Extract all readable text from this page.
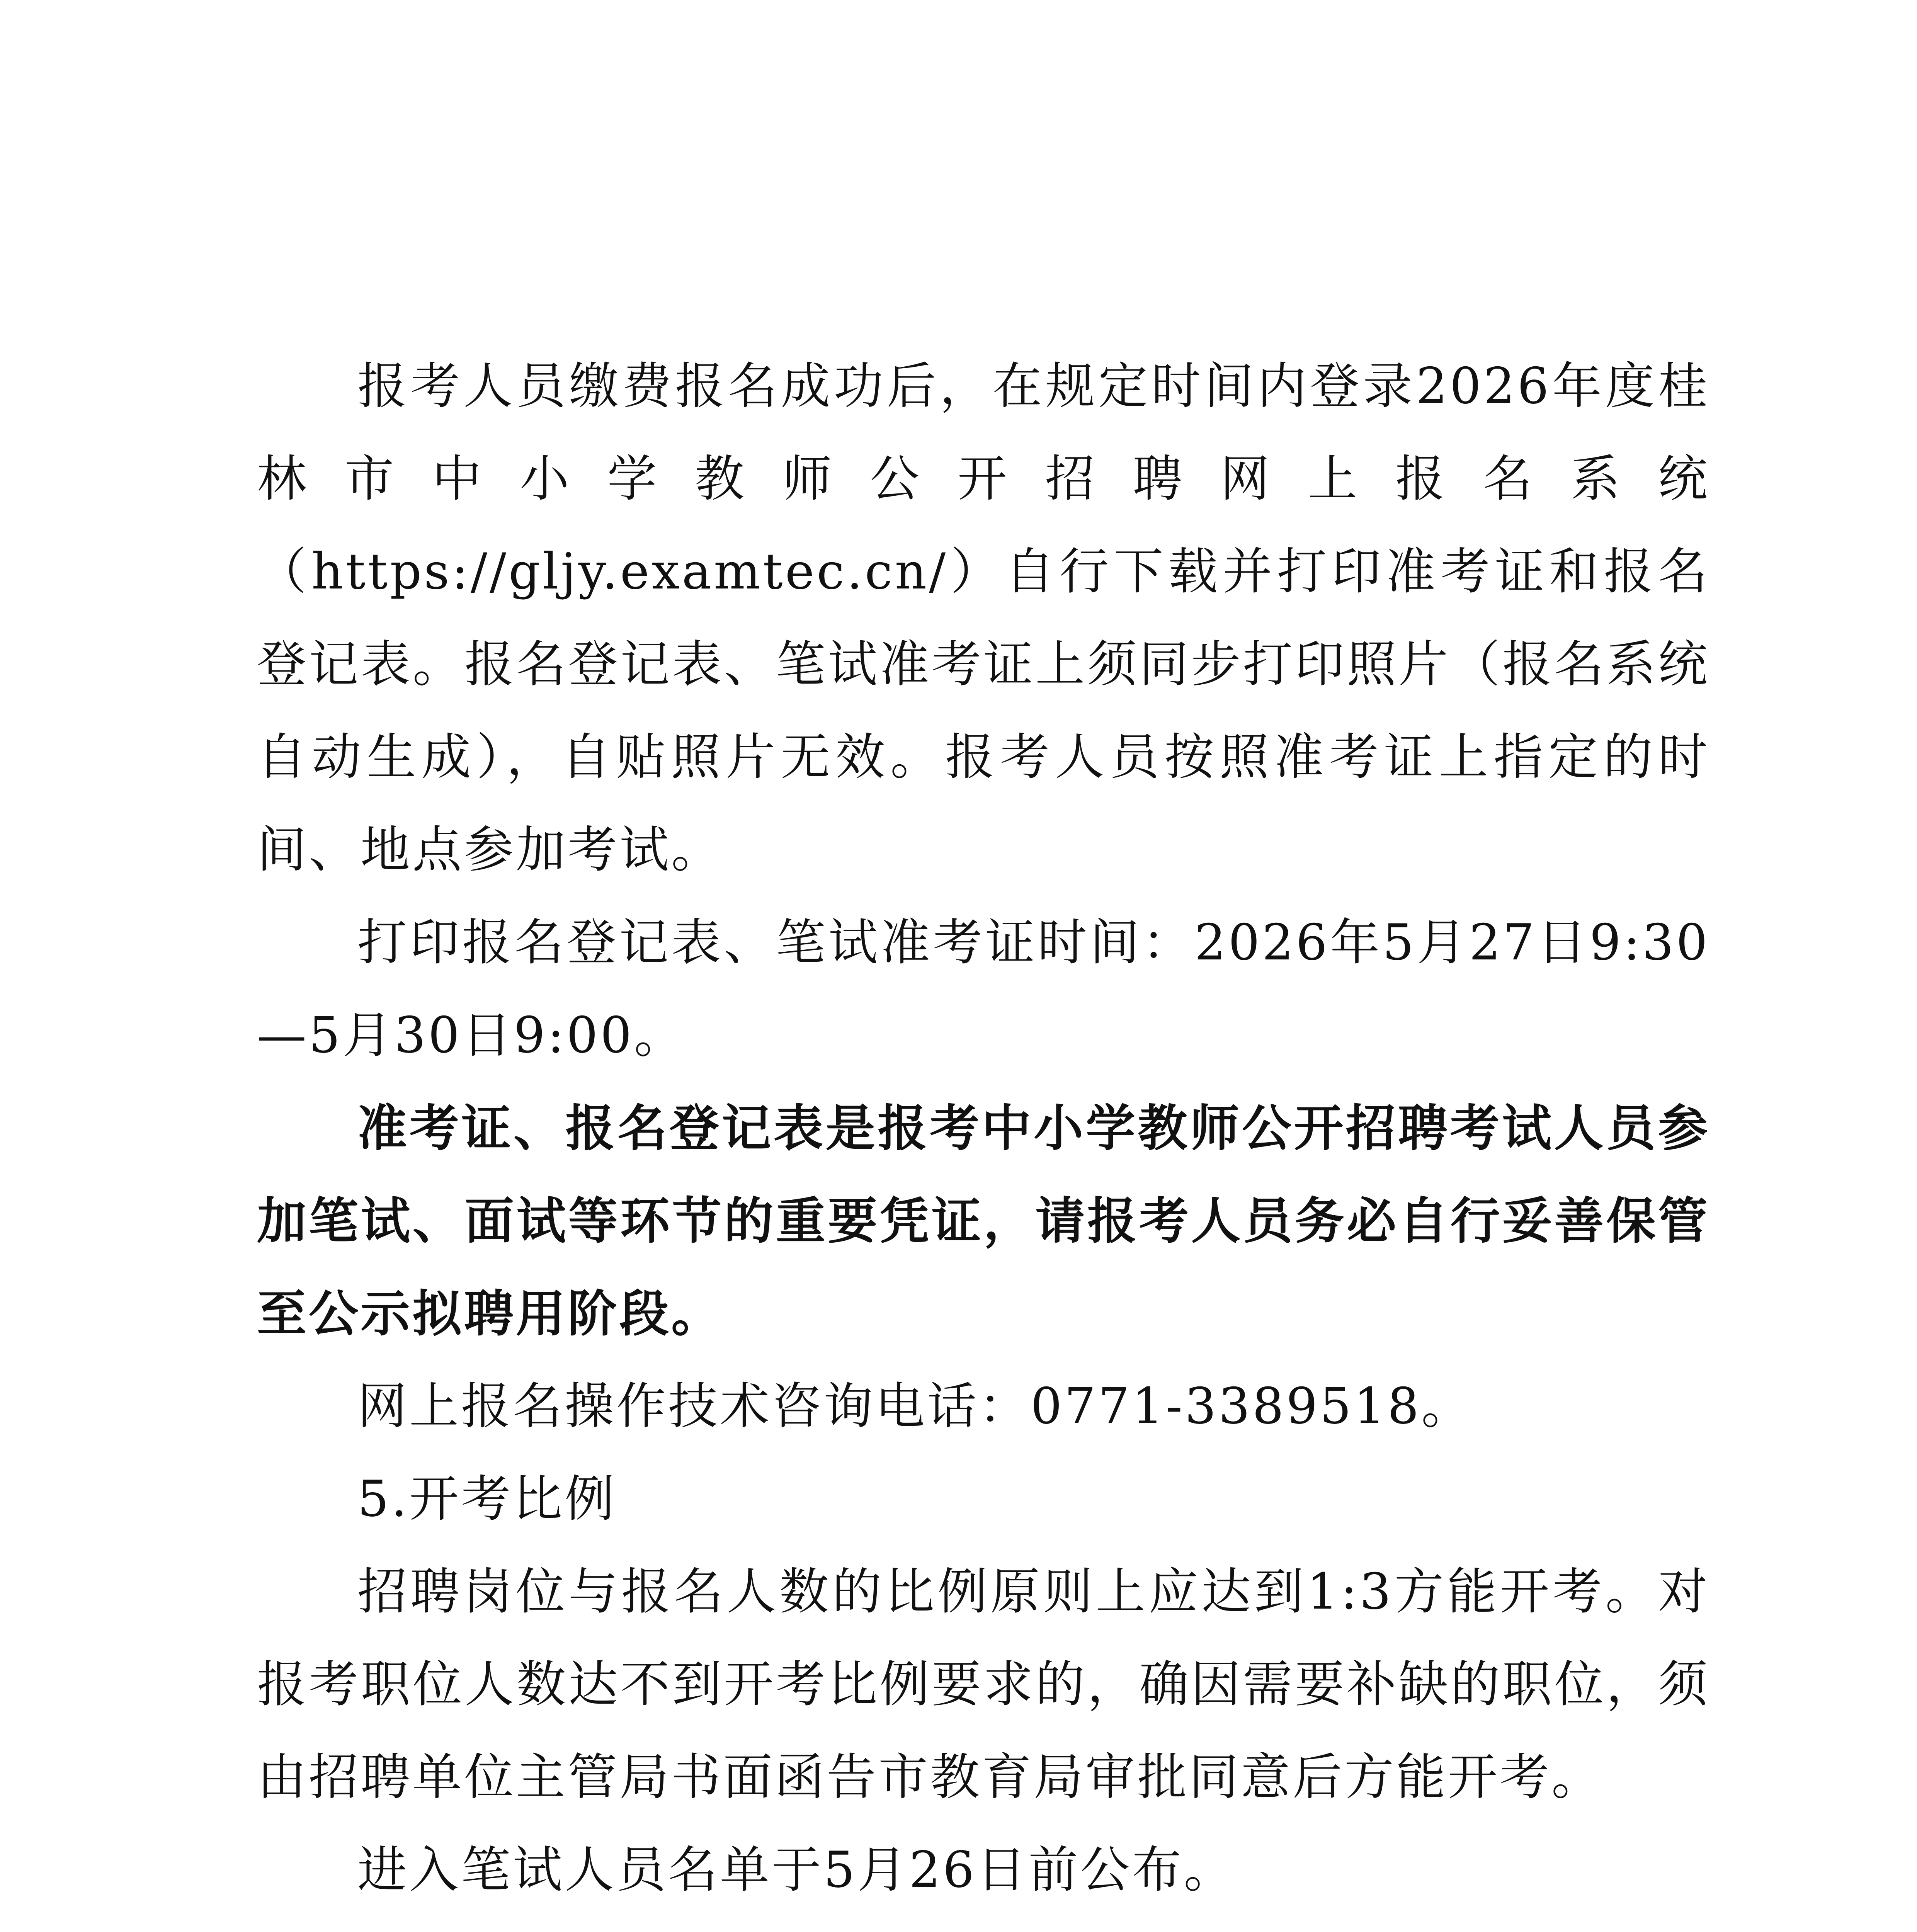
报考人员缴费报名成功后，在规定时间内登录2026年度桂林市中小学教师公开招聘网上报名系统（https://gljy.examtec.cn/）自行下载并打印准考证和报名登记表。报名登记表、笔试准考证上须同步打印照片（报名系统自动生成），自贴照片无效。报考人员按照准考证上指定的时间、地点参加考试。

打印报名登记表、笔试准考证时间：2026年5月27日9:30—5月30日9:00。

准考证、报名登记表是报考中小学教师公开招聘考试人员参加笔试、面试等环节的重要凭证，请报考人员务必自行妥善保管至公示拟聘用阶段。

网上报名操作技术咨询电话：0771-3389518。

5.开考比例

招聘岗位与报名人数的比例原则上应达到1:3方能开考。对报考职位人数达不到开考比例要求的，确因需要补缺的职位，须由招聘单位主管局书面函告市教育局审批同意后方能开考。

进入笔试人员名单于5月26日前公布。
